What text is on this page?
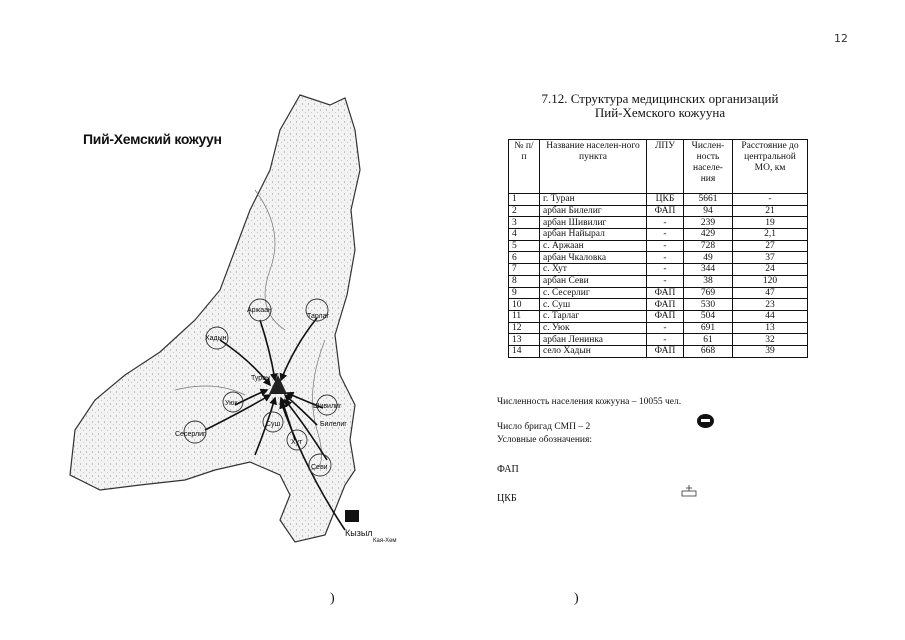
12
Аржаан
Тарлаг
Хадын
Туран
Уюк	Шивилиг
Сесерлиг
Суш
Хут
Билелиг
Севи
Кызыл
Кая-Хем
Пий-Хемский кожуун
7.12. Структура медицинских организаций
Пий-Хемского кожууна
№ п/п	Название населен-ного пункта	ЛПУ	Числен-ность населе-ния	Расстояние до центральной МО, км
1	г. Туран	ЦКБ	5661	-
2	арбан Билелиг	ФАП	94	21
3	арбан Шивилиг	-	239	19
4	арбан Найырал	-	429	2,1
5	с. Аржаан	-	728	27
6	арбан Чкаловка	-	49	37
7	с. Хут	-	344	24
8	арбан Севи	-	38	120
9	с. Сесерлиг	ФАП	769	47
10	с. Суш	ФАП	530	23
11	с. Тарлаг	ФАП	504	44
12	с. Уюк	-	691	13
13	арбан Ленинка	-	61	32
14	село Хадын	ФАП	668	39
Численность населения кожууна – 10055 чел.
Число бригад СМП – 2
Условные обозначения:
ФАП
ЦКБ
)	)
